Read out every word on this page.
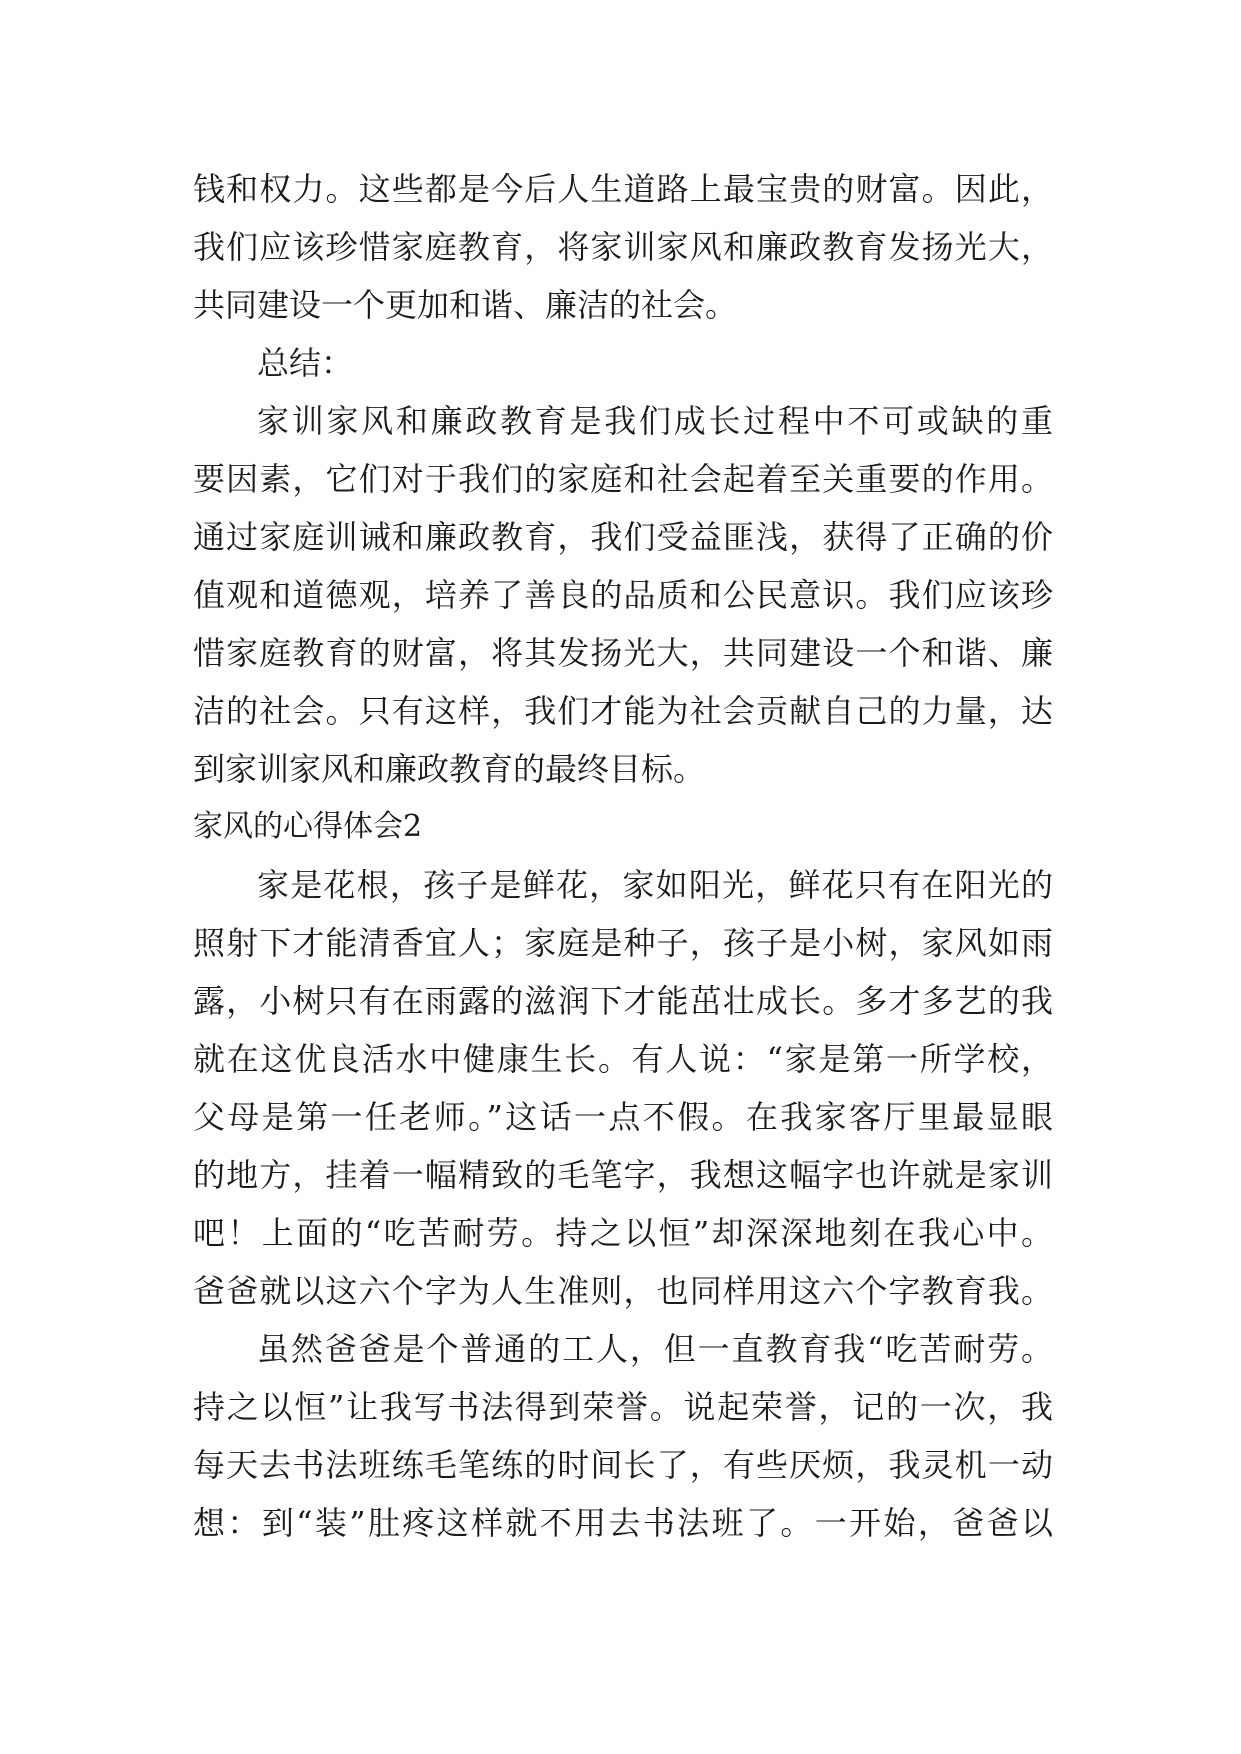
钱和权力。这些都是今后人生道路上最宝贵的财富。因此，
我们应该珍惜家庭教育，将家训家风和廉政教育发扬光大，
共同建设一个更加和谐、廉洁的社会。
总结：
家训家风和廉政教育是我们成长过程中不可或缺的重
要因素，它们对于我们的家庭和社会起着至关重要的作用。
通过家庭训诫和廉政教育，我们受益匪浅，获得了正确的价
值观和道德观，培养了善良的品质和公民意识。我们应该珍
惜家庭教育的财富，将其发扬光大，共同建设一个和谐、廉
洁的社会。只有这样，我们才能为社会贡献自己的力量，达
到家训家风和廉政教育的最终目标。
家风的心得体会2
家是花根，孩子是鲜花，家如阳光，鲜花只有在阳光的
照射下才能清香宜人；家庭是种子，孩子是小树，家风如雨
露，小树只有在雨露的滋润下才能茁壮成长。多才多艺的我
就在这优良活水中健康生长。有人说：“家是第一所学校，
父母是第一任老师。”这话一点不假。在我家客厅里最显眼
的地方，挂着一幅精致的毛笔字，我想这幅字也许就是家训
吧！上面的“吃苦耐劳。持之以恒”却深深地刻在我心中。
爸爸就以这六个字为人生准则，也同样用这六个字教育我。
虽然爸爸是个普通的工人，但一直教育我“吃苦耐劳。
持之以恒”让我写书法得到荣誉。说起荣誉，记的一次，我
每天去书法班练毛笔练的时间长了，有些厌烦，我灵机一动
想：到“装”肚疼这样就不用去书法班了。一开始，爸爸以
